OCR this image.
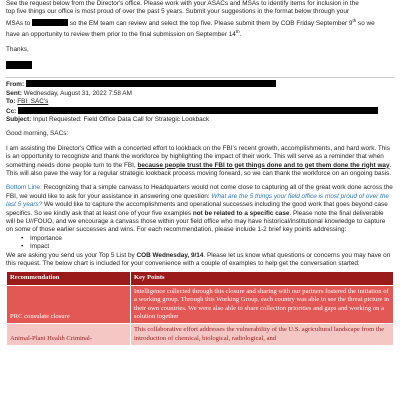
See the request below from the Director's office. Please work with your ASACs and MSAs to identify items for inclusion in the
top five things our office is most proud of over the past 5 years. Submit your suggestions in the format below through your
MSAs to	so the EM team can review and select the top five. Please submit them by COB Friday September 9th so we
have an opportunity to review them prior to the final submission on September 14th.
Thanks,
From:
Sent: Wednesday, August 31, 2022 7:58 AM
To: FBI_SAC's
Cc:
Subject: Input Requested: Field Office Data Call for Strategic Lookback
Good morning, SACs:
I am assisting the Director's Office with a concerted effort to lookback on the FBI's recent growth, accomplishments, and hard work. This is an opportunity to recognize and thank the workforce by highlighting the impact of their work. This will serve as a reminder that when something needs done people turn to the FBI, because people trust the FBI to get things done and to get them done the right way. This will also pave the way for a regular strategic lookback process moving forward, so we can thank the workforce on an ongoing basis.
Bottom Line: Recognizing that a simple canvass to Headquarters would not come close to capturing all of the great work done across the FBI, we would like to ask for your assistance in answering one question: What are the 5 things your field office is most proud of over the last 5 years? We would like to capture the accomplishments and operational successes including the good work that goes beyond case specifics. So we kindly ask that at least one of your five examples not be related to a specific case. Please note the final deliverable will be U//FOUO, and we encourage a canvass those within your field office who may have historical/institutional knowledge to capture on some of those earlier successes and wins. For each recommendation, please include 1-2 brief key points addressing:
• Importance
• Impact
We are asking you send us your Top 5 List by COB Wednesday, 9/14. Please let us know what questions or concerns you may have on this request. The below chart is included for your convenience with a couple of examples to help get the conversation started:
Recommendation	Key Points
PRC consulate closure	Intelligence collected through this closure and sharing with our partners fostered the initiation of a working group. Through this Working Group, each country was able to see the threat picture in their own countries. We were also able to share collection priorities and gaps and working on a solution together
Animal-Plant Health Criminal-	This collaborative effort addresses the vulnerability of the U.S. agricultural landscape from the introduction of chemical, biological, radiological, and
